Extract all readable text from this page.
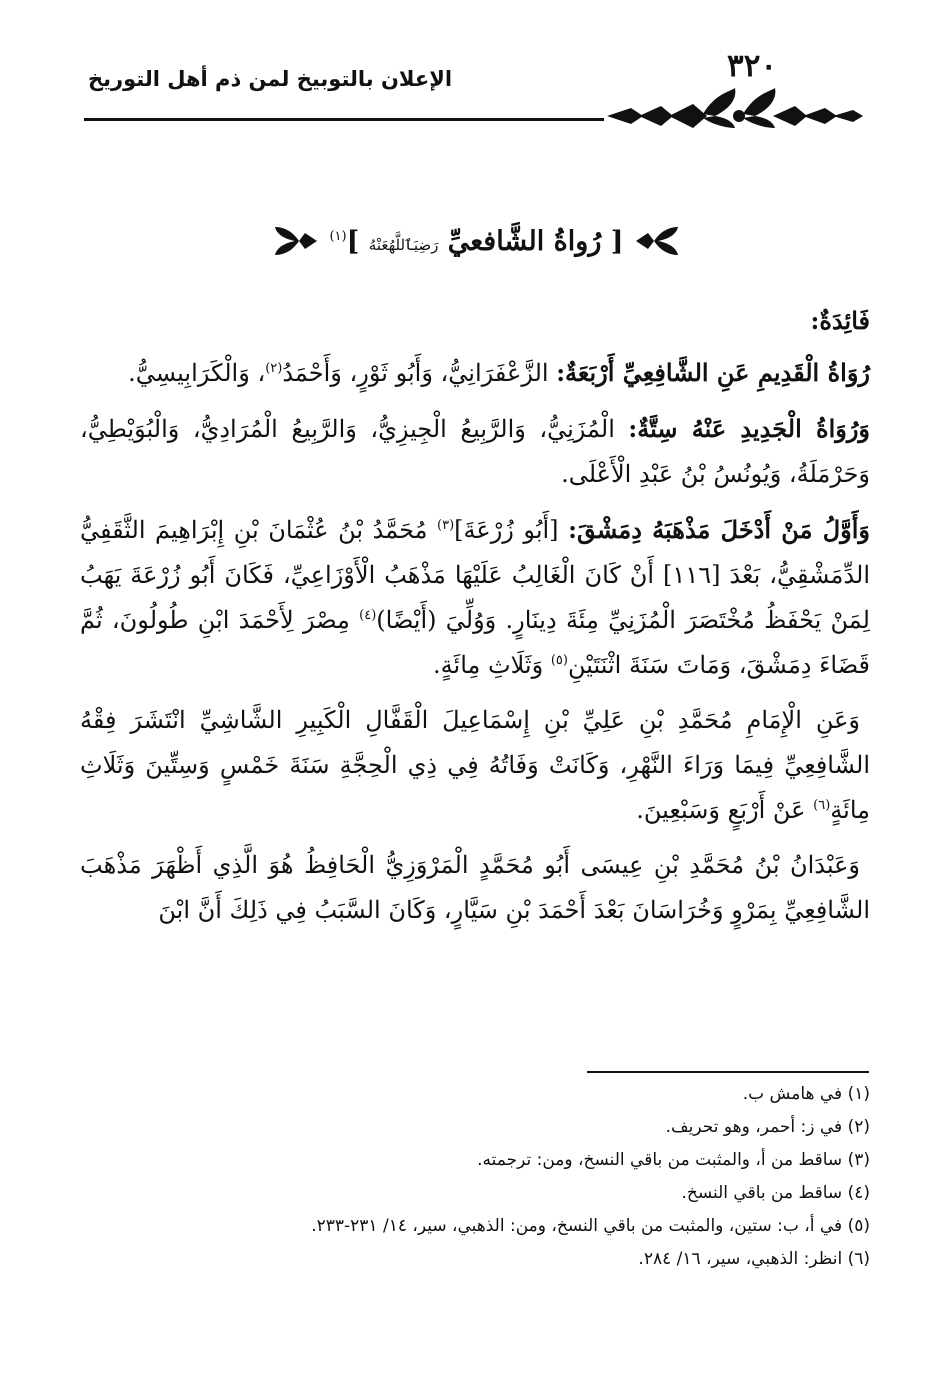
٣٢٠
الإعلان بالتوبيخ لمن ذم أهل التوريخ
[ رُواةُ الشَّافعيِّ رَضِيَٱللَّهُعَنْهُ ]$^{(١)}$

فَائِدَةٌ:

رُوَاةُ الْقَدِيمِ عَنِ الشَّافِعِيِّ أَرْبَعَةٌ: الزَّعْفَرَانِيُّ، وَأَبُو ثَوْرٍ، وَأَحْمَدُ$^{(٢)}$، وَالْكَرَابِيسِيُّ.

وَرُوَاةُ الْجَدِيدِ عَنْهُ سِتَّةٌ: الْمُزَنِيُّ، وَالرَّبِيعُ الْجِيزِيُّ، وَالرَّبِيعُ الْمُرَادِيُّ، وَالْبُوَيْطِيُّ، وَحَرْمَلَةُ، وَيُونُسُ بْنُ عَبْدِ الْأَعْلَى.

وَأَوَّلُ مَنْ أَدْخَلَ مَذْهَبَهُ دِمَشْقَ: [أَبُو زُرْعَةَ]$^{(٣)}$ مُحَمَّدُ بْنُ عُثْمَانَ بْنِ إِبْرَاهِيمَ الثَّقَفِيُّ الدِّمَشْقِيُّ، بَعْدَ [١١٦] أَنْ كَانَ الْغَالِبُ عَلَيْهَا مَذْهَبُ الْأَوْزَاعِيِّ، فَكَانَ أَبُو زُرْعَةَ يَهَبُ لِمَنْ يَحْفَظُ مُخْتَصَرَ الْمُزَنِيِّ مِئَةَ دِينَارٍ. وَوُلِّيَ (أَيْضًا)$^{(٤)}$ مِصْرَ لِأَحْمَدَ ابْنِ طُولُونَ، ثُمَّ قَضَاءَ دِمَشْقَ، وَمَاتَ سَنَةَ اثْنَتَيْنِ$^{(٥)}$ وَثَلَاثِ مِائَةٍ.

وَعَنِ الْإِمَامِ مُحَمَّدِ بْنِ عَلِيِّ بْنِ إِسْمَاعِيلَ الْقَفَّالِ الْكَبِيرِ الشَّاشِيِّ انْتَشَرَ فِقْهُ الشَّافِعِيِّ فِيمَا وَرَاءَ النَّهْرِ، وَكَانَتْ وَفَاتُهُ فِي ذِي الْحِجَّةِ سَنَةَ خَمْسٍ وَسِتِّينَ وَثَلَاثِ مِائَةٍ$^{(٦)}$ عَنْ أَرْبَعٍ وَسَبْعِينَ.

وَعَبْدَانُ بْنُ مُحَمَّدِ بْنِ عِيسَى أَبُو مُحَمَّدٍ الْمَرْوَزِيُّ الْحَافِظُ هُوَ الَّذِي أَظْهَرَ مَذْهَبَ الشَّافِعِيِّ بِمَرْوٍ وَخُرَاسَانَ بَعْدَ أَحْمَدَ بْنِ سَيَّارٍ، وَكَانَ السَّبَبُ فِي ذَلِكَ أَنَّ ابْنَ

(١) في هامش ب.
(٢) في ز: أحمر، وهو تحريف.
(٣) ساقط من أ، والمثبت من باقي النسخ، ومن: ترجمته.
(٤) ساقط من باقي النسخ.
(٥) في أ، ب: ستين، والمثبت من باقي النسخ، ومن: الذهبي، سير، ١٤/ ٢٣١-٢٣٣.
(٦) انظر: الذهبي، سير، ١٦/ ٢٨٤.
